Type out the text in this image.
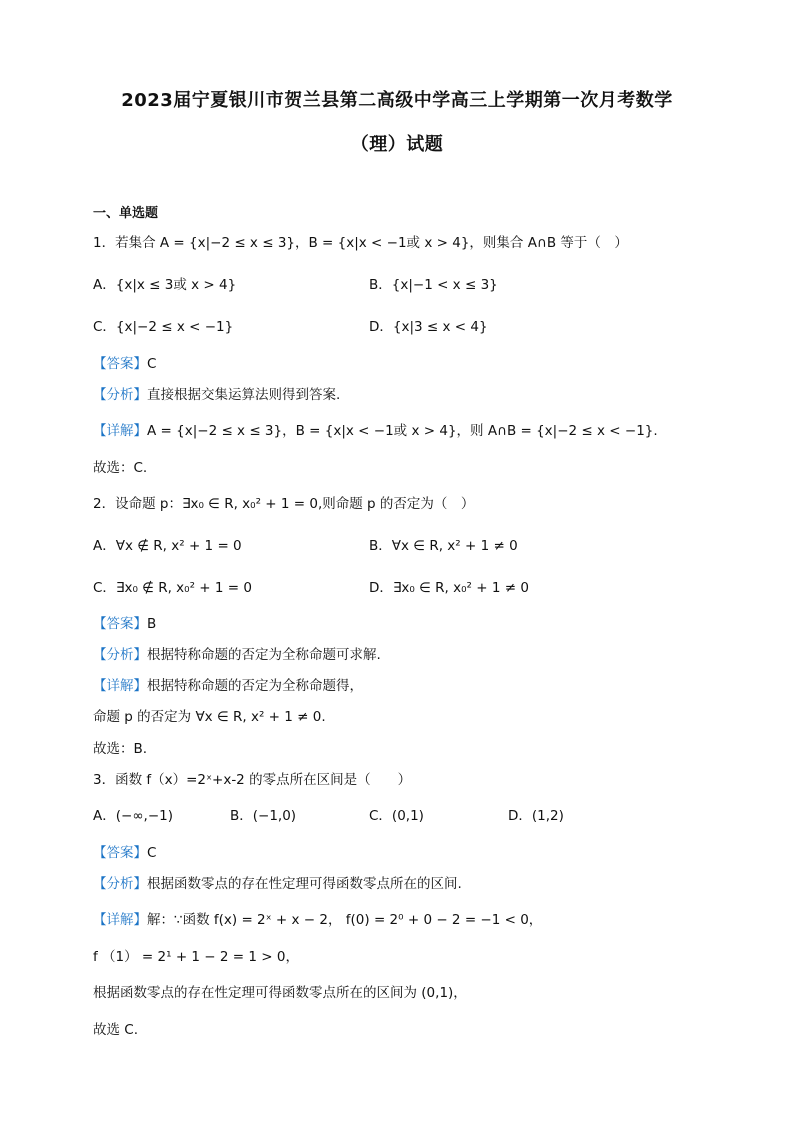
2023届宁夏银川市贺兰县第二高级中学高三上学期第一次月考数学
（理）试题
一、单选题
1．若集合 A = {x|−2 ≤ x ≤ 3}，B = {x|x < −1或 x > 4}，则集合 A∩B 等于（　）
A．{x|x ≤ 3或 x > 4}	B．{x|−1 < x ≤ 3}
C．{x|−2 ≤ x < −1}	D．{x|3 ≤ x < 4}
【答案】C
【分析】直接根据交集运算法则得到答案.
【详解】A = {x|−2 ≤ x ≤ 3}，B = {x|x < −1或 x > 4}，则 A∩B = {x|−2 ≤ x < −1}.
故选：C.
2．设命题 p：∃x₀ ∈ R, x₀² + 1 = 0,则命题 p 的否定为（　）
A．∀x ∉ R, x² + 1 = 0	B．∀x ∈ R, x² + 1 ≠ 0
C．∃x₀ ∉ R, x₀² + 1 = 0	D．∃x₀ ∈ R, x₀² + 1 ≠ 0
【答案】B
【分析】根据特称命题的否定为全称命题可求解.
【详解】根据特称命题的否定为全称命题得，
命题 p 的否定为 ∀x ∈ R, x² + 1 ≠ 0.
故选：B.
3．函数 f（x）=2ˣ+x-2 的零点所在区间是（　　）
A．(−∞,−1)	B．(−1,0)	C．(0,1)	D．(1,2)
【答案】C
【分析】根据函数零点的存在性定理可得函数零点所在的区间.
【详解】解：∵函数 f(x) = 2ˣ + x − 2， f(0) = 2⁰ + 0 − 2 = −1 < 0，
f （1） = 2¹ + 1 − 2 = 1 > 0，
根据函数零点的存在性定理可得函数零点所在的区间为 (0,1)，
故选 C.
